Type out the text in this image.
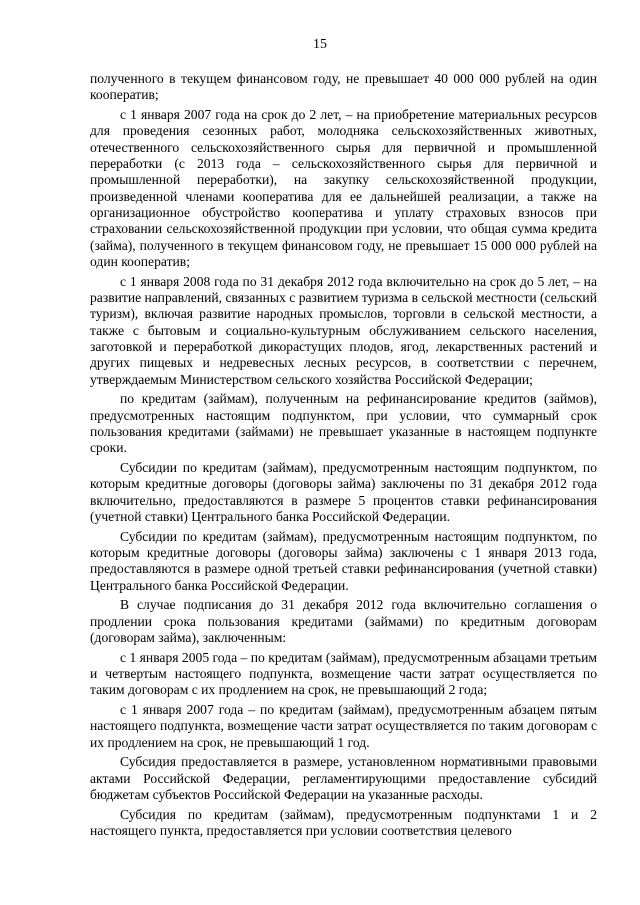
15

полученного в текущем финансовом году, не превышает 40 000 000 рублей на один кооператив;

с 1 января 2007 года на срок до 2 лет, – на приобретение материальных ресурсов для проведения сезонных работ, молодняка сельскохозяйственных животных, отечественного сельскохозяйственного сырья для первичной и промышленной переработки (с 2013 года – сельскохозяйственного сырья для первичной и промышленной переработки), на закупку сельскохозяйственной продукции, произведенной членами кооператива для ее дальнейшей реализации, а также на организационное обустройство кооператива и уплату страховых взносов при страховании сельскохозяйственной продукции при условии, что общая сумма кредита (займа), полученного в текущем финансовом году, не превышает 15 000 000 рублей на один кооператив;

с 1 января 2008 года по 31 декабря 2012 года включительно на срок до 5 лет, – на развитие направлений, связанных с развитием туризма в сельской местности (сельский туризм), включая развитие народных промыслов, торговли в сельской местности, а также с бытовым и социально-культурным обслуживанием сельского населения, заготовкой и переработкой дикорастущих плодов, ягод, лекарственных растений и других пищевых и недревесных лесных ресурсов, в соответствии с перечнем, утверждаемым Министерством сельского хозяйства Российской Федерации;

по кредитам (займам), полученным на рефинансирование кредитов (займов), предусмотренных настоящим подпунктом, при условии, что суммарный срок пользования кредитами (займами) не превышает указанные в настоящем подпункте сроки.

Субсидии по кредитам (займам), предусмотренным настоящим подпунктом, по которым кредитные договоры (договоры займа) заключены по 31 декабря 2012 года включительно, предоставляются в размере 5 процентов ставки рефинансирования (учетной ставки) Центрального банка Российской Федерации.

Субсидии по кредитам (займам), предусмотренным настоящим подпунктом, по которым кредитные договоры (договоры займа) заключены с 1 января 2013 года, предоставляются в размере одной третьей ставки рефинансирования (учетной ставки) Центрального банка Российской Федерации.

В случае подписания до 31 декабря 2012 года включительно соглашения о продлении срока пользования кредитами (займами) по кредитным договорам (договорам займа), заключенным:

с 1 января 2005 года – по кредитам (займам), предусмотренным абзацами третьим и четвертым настоящего подпункта, возмещение части затрат осуществляется по таким договорам с их продлением на срок, не превышающий 2 года;

с 1 января 2007 года – по кредитам (займам), предусмотренным абзацем пятым настоящего подпункта, возмещение части затрат осуществляется по таким договорам с их продлением на срок, не превышающий 1 год.

Субсидия предоставляется в размере, установленном нормативными правовыми актами Российской Федерации, регламентирующими предоставление субсидий бюджетам субъектов Российской Федерации на указанные расходы.

Субсидия по кредитам (займам), предусмотренным подпунктами 1 и 2 настоящего пункта, предоставляется при условии соответствия целевого
